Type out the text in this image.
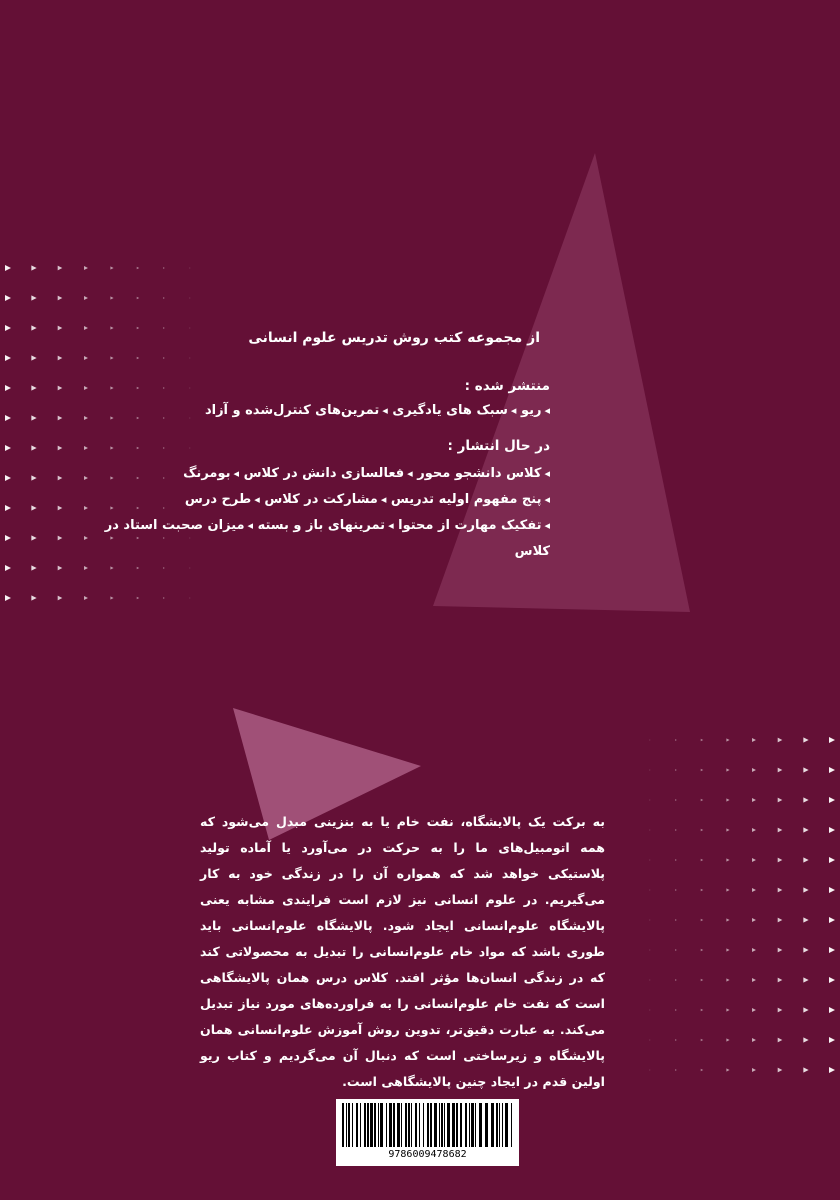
از مجموعه کتب روش تدریس علوم انسانی
منتشر شده :
◂ ریو ◂ سبک های یادگیری ◂ تمرین‌های کنترل‌شده و آزاد
در حال انتشار :
◂ کلاس دانشجو محور ◂ فعالسازی دانش در کلاس ◂ بومرنگ◂ پنج مفهوم اولیه تدریس ◂ مشارکت در کلاس ◂ طرح درس◂ تفکیک مهارت از محتوا ◂ تمرینهای باز و بسته ◂ میزان صحبت استاد در کلاس

به برکت یک پالایشگاه، نفت خام یا به بنزینی مبدل می‌شود که همه اتومبیل‌های ما را به حرکت در می‌آورد یا آماده تولید پلاستیکی خواهد شد که همواره آن را در زندگی خود به کار می‌گیریم. در علوم انسانی نیز لازم است فرایندی مشابه یعنی پالایشگاه علوم‌انسانی ایجاد شود. پالایشگاه علوم‌انسانی باید طوری باشد که مواد خام علوم‌انسانی را تبدیل به محصولاتی کند که در زندگی انسان‌ها مؤثر افتد. کلاس درس همان پالایشگاهی است که نفت خام علوم‌انسانی را به فراورده‌های مورد نیاز تبدیل می‌کند. به عبارت دقیق‌تر، تدوین روش آموزش علوم‌انسانی همان پالایشگاه و زیرساختی است که دنبال آن می‌گردیم و کتاب ریو اولین قدم در ایجاد چنین پالایشگاهی است.

9786009478682
